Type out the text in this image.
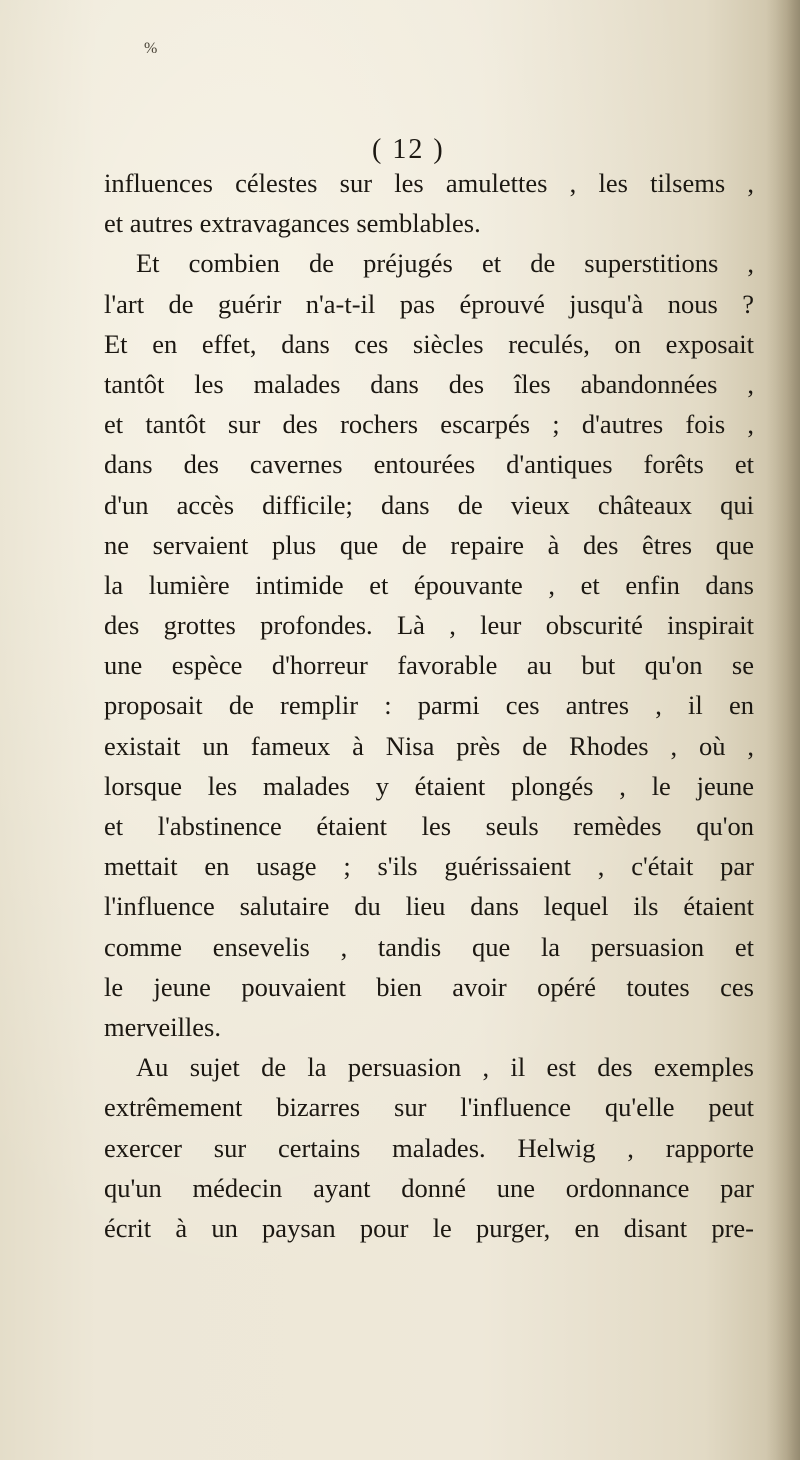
%
( 12 )
influences célestes sur les amulettes , les tilsems ,
et autres extravagances semblables.
Et combien de préjugés et de superstitions ,
l'art de guérir n'a-t-il pas éprouvé jusqu'à nous ?
Et en effet, dans ces siècles reculés, on exposait
tantôt les malades dans des îles abandonnées ,
et tantôt sur des rochers escarpés ; d'autres fois ,
dans des cavernes entourées d'antiques forêts et
d'un accès difficile; dans de vieux châteaux qui
ne servaient plus que de repaire à des êtres que
la lumière intimide et épouvante , et enfin dans
des grottes profondes. Là , leur obscurité inspirait
une espèce d'horreur favorable au but qu'on se
proposait de remplir : parmi ces antres , il en
existait un fameux à Nisa près de Rhodes , où ,
lorsque les malades y étaient plongés , le jeune
et l'abstinence étaient les seuls remèdes qu'on
mettait en usage ; s'ils guérissaient , c'était par
l'influence salutaire du lieu dans lequel ils étaient
comme ensevelis , tandis que la persuasion et
le jeune pouvaient bien avoir opéré toutes ces
merveilles.
Au sujet de la persuasion , il est des exemples
extrêmement bizarres sur l'influence qu'elle peut
exercer sur certains malades. Helwig , rapporte
qu'un médecin ayant donné une ordonnance par
écrit à un paysan pour le purger, en disant pre-
